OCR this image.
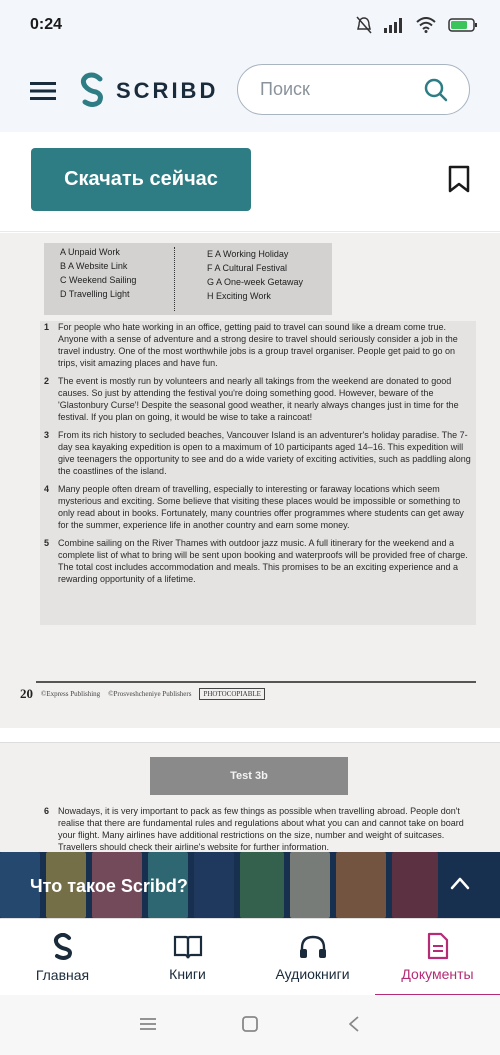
0:24
SCRIBD Поиск
Скачать сейчас
A Unpaid Work
B A Website Link
C Weekend Sailing
D Travelling Light
E A Working Holiday
F A Cultural Festival
G A One-week Getaway
H Exciting Work
1 For people who hate working in an office, getting paid to travel can sound like a dream come true. Anyone with a sense of adventure and a strong desire to travel should seriously consider a job in the travel industry. One of the most worthwhile jobs is a group travel organiser. People get paid to go on trips, visit amazing places and have fun.
2 The event is mostly run by volunteers and nearly all takings from the weekend are donated to good causes. So just by attending the festival you're doing something good. However, beware of the 'Glastonbury Curse'! Despite the seasonal good weather, it nearly always changes just in time for the festival. If you plan on going, it would be wise to take a raincoat!
3 From its rich history to secluded beaches, Vancouver Island is an adventurer's holiday paradise. The 7-day sea kayaking expedition is open to a maximum of 10 participants aged 14–16. This expedition will give teenagers the opportunity to see and do a wide variety of exciting activities, such as paddling along the coastlines of the island.
4 Many people often dream of travelling, especially to interesting or faraway locations which seem mysterious and exciting. Some believe that visiting these places would be impossible or something to only read about in books. Fortunately, many countries offer programmes where students can get away for the summer, experience life in another country and earn some money.
5 Combine sailing on the River Thames with outdoor jazz music. A full itinerary for the weekend and a complete list of what to bring will be sent upon booking and waterproofs will be provided free of charge. The total cost includes accommodation and meals. This promises to be an exciting experience and a rewarding opportunity of a lifetime.
20 ©Express Publishing ©Prosveshcheniye Publishers	PHOTOCOPIABLE
Test 3b
6 Nowadays, it is very important to pack as few things as possible when travelling abroad. People don't realise that there are fundamental rules and regulations about what you can and cannot take on board your flight. Many airlines have additional restrictions on the size, number and weight of suitcases. Travellers should check their airline's website for further information.
Что такое Scribd?
Главная	Книги	Аудиокниги	Документы
